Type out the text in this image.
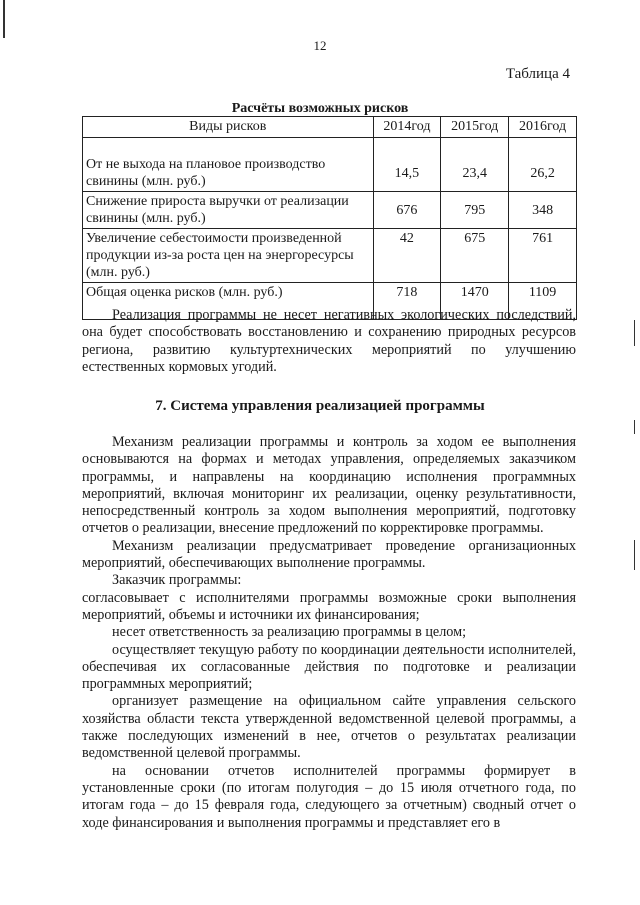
12
Таблица 4
Расчёты возможных рисков
Виды рисков	2014год	2015год	2016год

От не выхода на плановое производство свинины (млн. руб.)	14,5	23,4	26,2
Снижение прироста выручки от реализации свинины (млн. руб.)	676	795	348
Увеличение себестоимости произведенной продукции из-за роста цен на энергоресурсы (млн. руб.)	42	675	761
Общая оценка рисков (млн. руб.)	718	1470	1109

Реализация программы не несет негативных экологических последствий, она будет способствовать восстановлению и сохранению природных ресурсов региона, развитию культуртехнических мероприятий по улучшению естественных кормовых угодий.

7. Система управления реализацией программы

Механизм реализации программы и контроль за ходом ее выполнения основываются на формах и методах управления, определяемых заказчиком программы, и направлены на координацию исполнения программных мероприятий, включая мониторинг их реализации, оценку результативности, непосредственный контроль за ходом выполнения мероприятий, подготовку отчетов о реализации, внесение предложений по корректировке программы.

Механизм реализации предусматривает проведение организационных мероприятий, обеспечивающих выполнение программы.

Заказчик программы:

согласовывает с исполнителями программы возможные сроки выполнения мероприятий, объемы и источники их финансирования;

несет ответственность за реализацию программы в целом;

осуществляет текущую работу по координации деятельности исполнителей, обеспечивая их согласованные действия по подготовке и реализации программных мероприятий;

организует размещение на официальном сайте управления сельского хозяйства области текста утвержденной ведомственной целевой программы, а также последующих изменений в нее, отчетов о результатах реализации ведомственной целевой программы.

на основании отчетов исполнителей программы формирует в установленные сроки (по итогам полугодия – до 15 июля отчетного года, по итогам года – до 15 февраля года, следующего за отчетным) сводный отчет о ходе финансирования и выполнения программы и представляет его в
